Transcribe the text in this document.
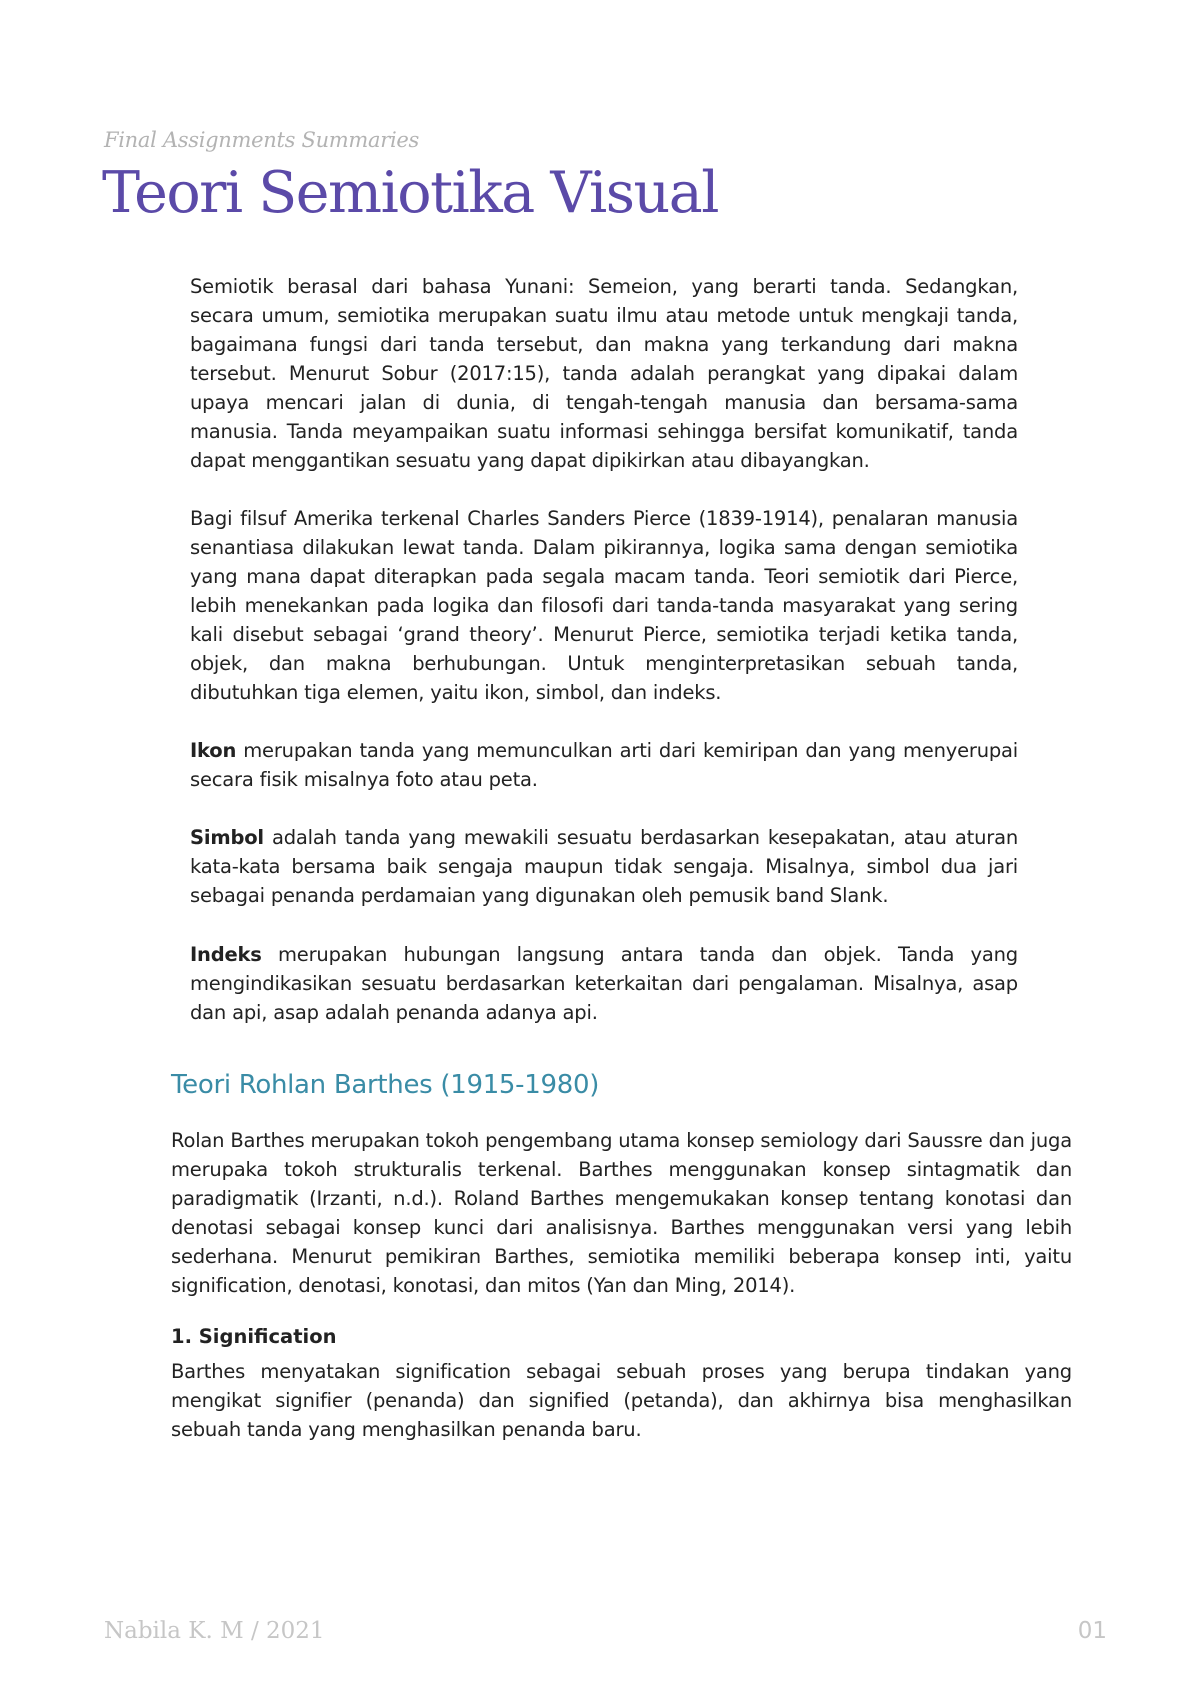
Final Assignments Summaries
Teori Semiotika Visual

Semiotik berasal dari bahasa Yunani: Semeion, yang berarti tanda. Sedangkan, secara umum, semiotika merupakan suatu ilmu atau metode untuk mengkaji tanda, bagaimana fungsi dari tanda tersebut, dan makna yang terkandung dari makna tersebut. Menurut Sobur (2017:15), tanda adalah perangkat yang dipakai dalam upaya mencari jalan di dunia, di tengah-tengah manusia dan bersama-sama manusia. Tanda meyampaikan suatu informasi sehingga bersifat komunikatif, tanda dapat menggantikan sesuatu yang dapat dipikirkan atau dibayangkan.

Bagi filsuf Amerika terkenal Charles Sanders Pierce (1839-1914), penalaran manusia senantiasa dilakukan lewat tanda. Dalam pikirannya, logika sama dengan semiotika yang mana dapat diterapkan pada segala macam tanda. Teori semiotik dari Pierce, lebih menekankan pada logika dan filosofi dari tanda-tanda masyarakat yang sering kali disebut sebagai ‘grand theory’. Menurut Pierce, semiotika terjadi ketika tanda, objek, dan makna berhubungan. Untuk menginterpretasikan sebuah tanda, dibutuhkan tiga elemen, yaitu ikon, simbol, dan indeks.

Ikon merupakan tanda yang memunculkan arti dari kemiripan dan yang menyerupai secara fisik misalnya foto atau peta.

Simbol adalah tanda yang mewakili sesuatu berdasarkan kesepakatan, atau aturan kata-kata bersama baik sengaja maupun tidak sengaja. Misalnya, simbol dua jari sebagai penanda perdamaian yang digunakan oleh pemusik band Slank.

Indeks merupakan hubungan langsung antara tanda dan objek. Tanda yang mengindikasikan sesuatu berdasarkan keterkaitan dari pengalaman. Misalnya, asap dan api, asap adalah penanda adanya api.

Teori Rohlan Barthes (1915-1980)

Rolan Barthes merupakan tokoh pengembang utama konsep semiology dari Saussre dan juga merupaka tokoh strukturalis terkenal. Barthes menggunakan konsep sintagmatik dan paradigmatik (Irzanti, n.d.). Roland Barthes mengemukakan konsep tentang konotasi dan denotasi sebagai konsep kunci dari analisisnya. Barthes menggunakan versi yang lebih sederhana. Menurut pemikiran Barthes, semiotika memiliki beberapa konsep inti, yaitu signification, denotasi, konotasi, dan mitos (Yan dan Ming, 2014).

1. Signification

Barthes menyatakan signification sebagai sebuah proses yang berupa tindakan yang mengikat signifier (penanda) dan signified (petanda), dan akhirnya bisa menghasilkan sebuah tanda yang menghasilkan penanda baru.

Nabila K. M / 2021	01
